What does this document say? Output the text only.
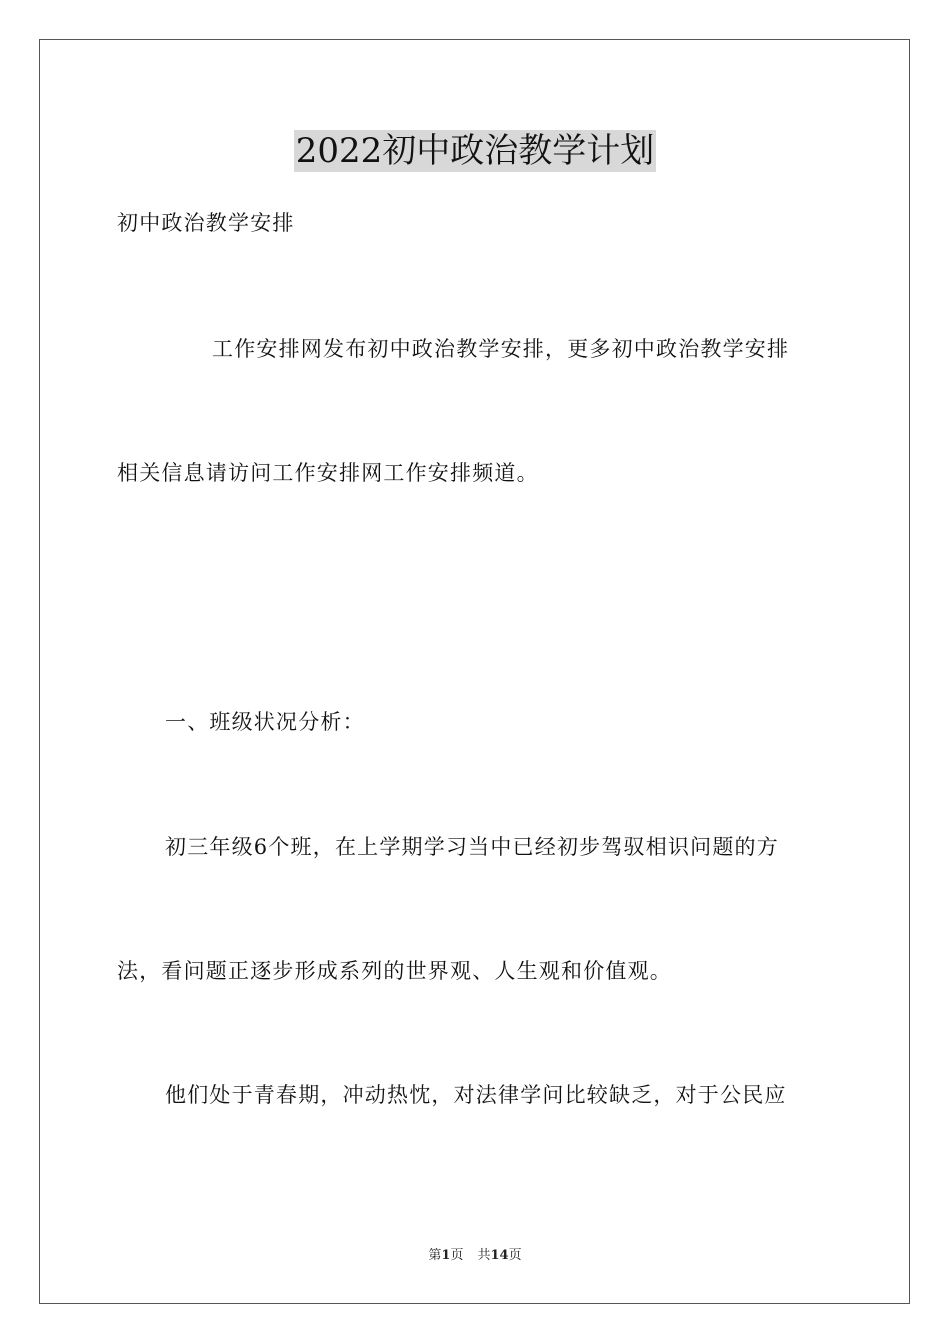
2022初中政治教学计划

初中政治教学安排

工作安排网发布初中政治教学安排，更多初中政治教学安排

相关信息请访问工作安排网工作安排频道。

一、班级状况分析：

初三年级6个班，在上学期学习当中已经初步驾驭相识问题的方

法，看问题正逐步形成系列的世界观、人生观和价值观。

他们处于青春期，冲动热忱，对法律学问比较缺乏，对于公民应

第1页 共14页
